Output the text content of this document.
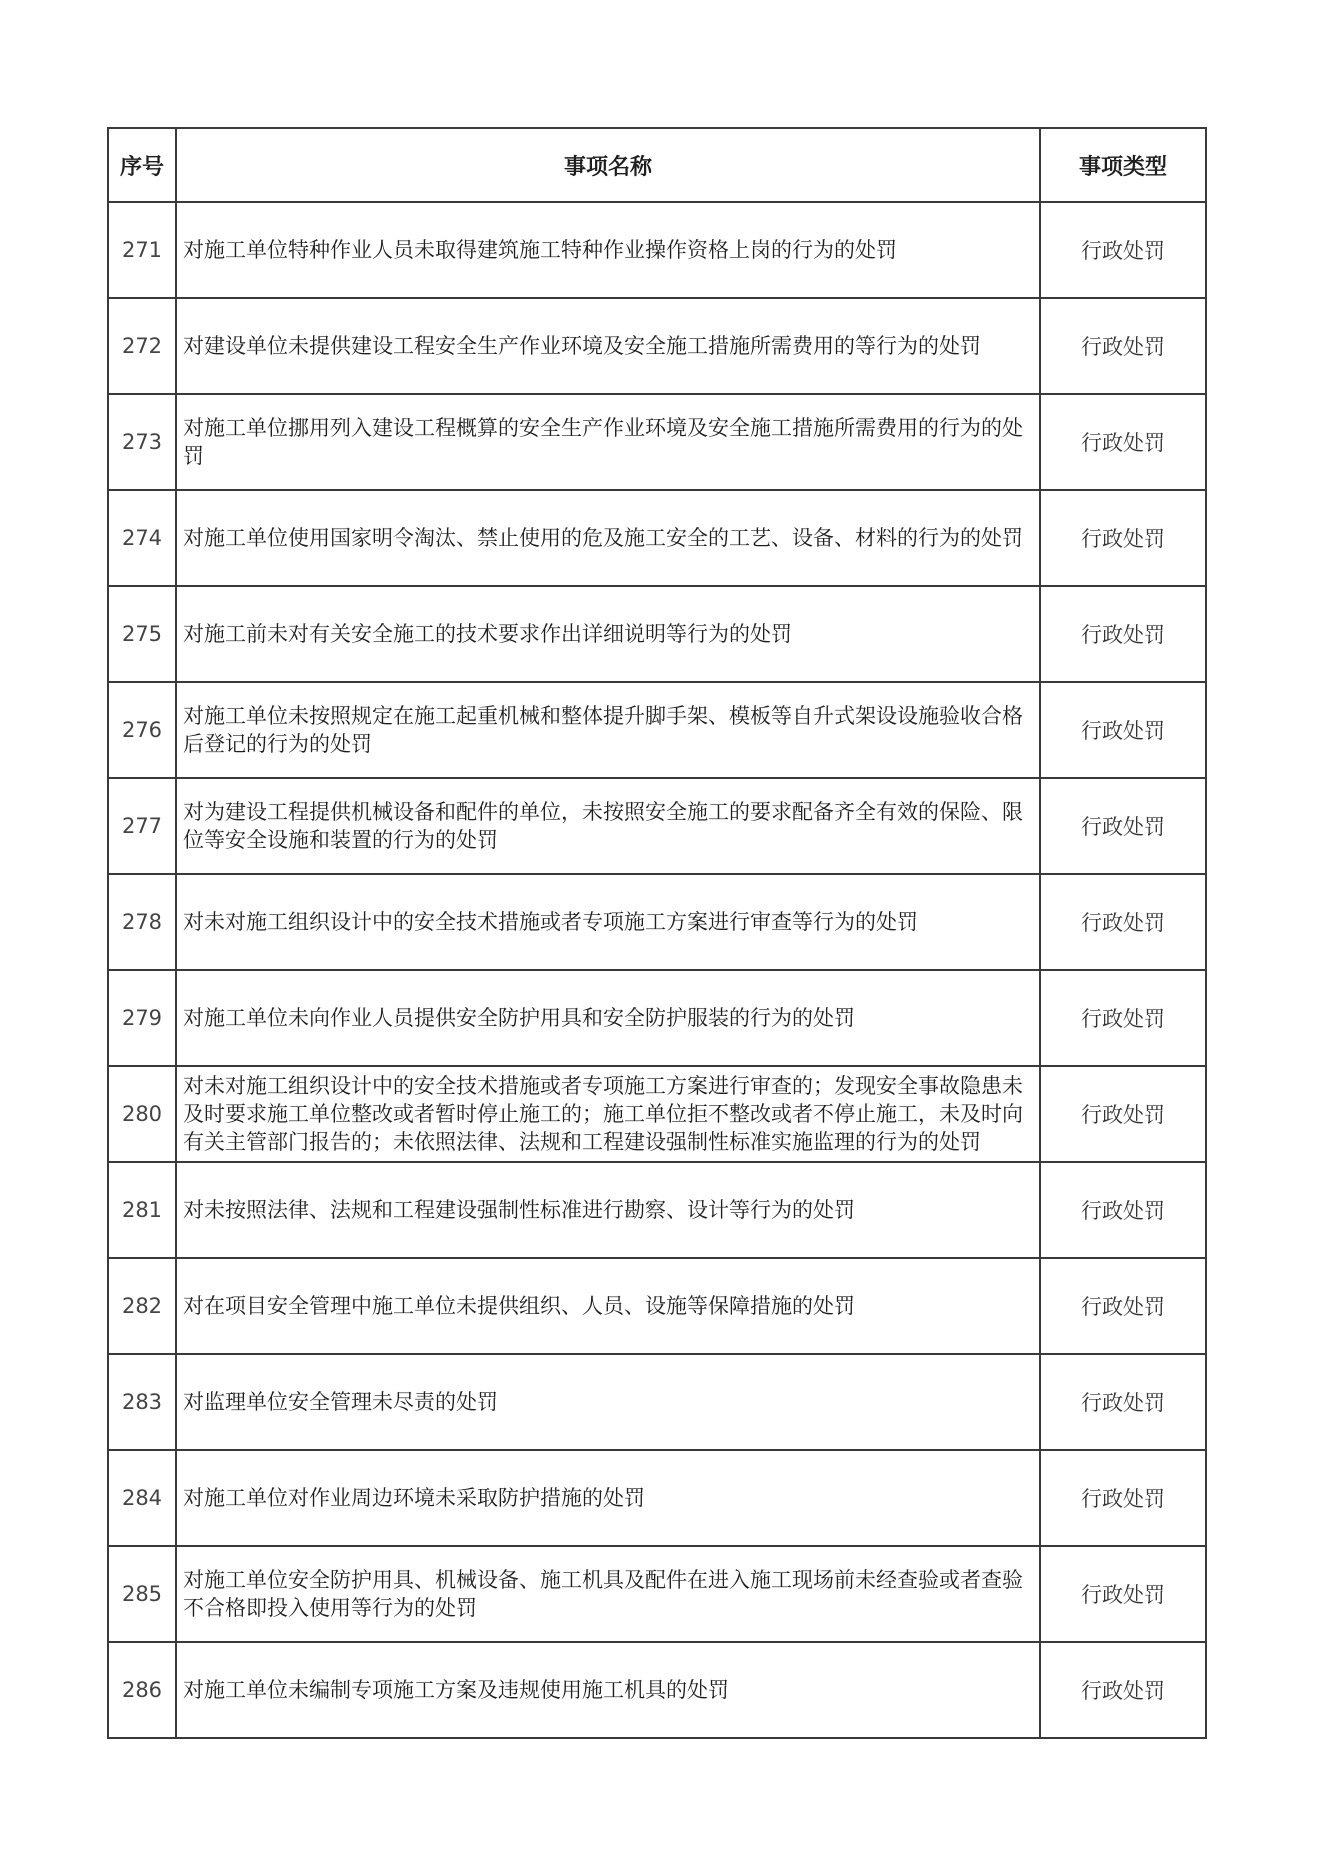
序号	事项名称	事项类型
271	对施工单位特种作业人员未取得建筑施工特种作业操作资格上岗的行为的处罚	行政处罚
272	对建设单位未提供建设工程安全生产作业环境及安全施工措施所需费用的等行为的处罚	行政处罚
273	对施工单位挪用列入建设工程概算的安全生产作业环境及安全施工措施所需费用的行为的处罚	行政处罚
274	对施工单位使用国家明令淘汰、禁止使用的危及施工安全的工艺、设备、材料的行为的处罚	行政处罚
275	对施工前未对有关安全施工的技术要求作出详细说明等行为的处罚	行政处罚
276	对施工单位未按照规定在施工起重机械和整体提升脚手架、模板等自升式架设设施验收合格后登记的行为的处罚	行政处罚
277	对为建设工程提供机械设备和配件的单位，未按照安全施工的要求配备齐全有效的保险、限位等安全设施和装置的行为的处罚	行政处罚
278	对未对施工组织设计中的安全技术措施或者专项施工方案进行审查等行为的处罚	行政处罚
279	对施工单位未向作业人员提供安全防护用具和安全防护服装的行为的处罚	行政处罚
280	对未对施工组织设计中的安全技术措施或者专项施工方案进行审查的；发现安全事故隐患未及时要求施工单位整改或者暂时停止施工的；施工单位拒不整改或者不停止施工，未及时向有关主管部门报告的；未依照法律、法规和工程建设强制性标准实施监理的行为的处罚	行政处罚
281	对未按照法律、法规和工程建设强制性标准进行勘察、设计等行为的处罚	行政处罚
282	对在项目安全管理中施工单位未提供组织、人员、设施等保障措施的处罚	行政处罚
283	对监理单位安全管理未尽责的处罚	行政处罚
284	对施工单位对作业周边环境未采取防护措施的处罚	行政处罚
285	对施工单位安全防护用具、机械设备、施工机具及配件在进入施工现场前未经查验或者查验不合格即投入使用等行为的处罚	行政处罚
286	对施工单位未编制专项施工方案及违规使用施工机具的处罚	行政处罚
